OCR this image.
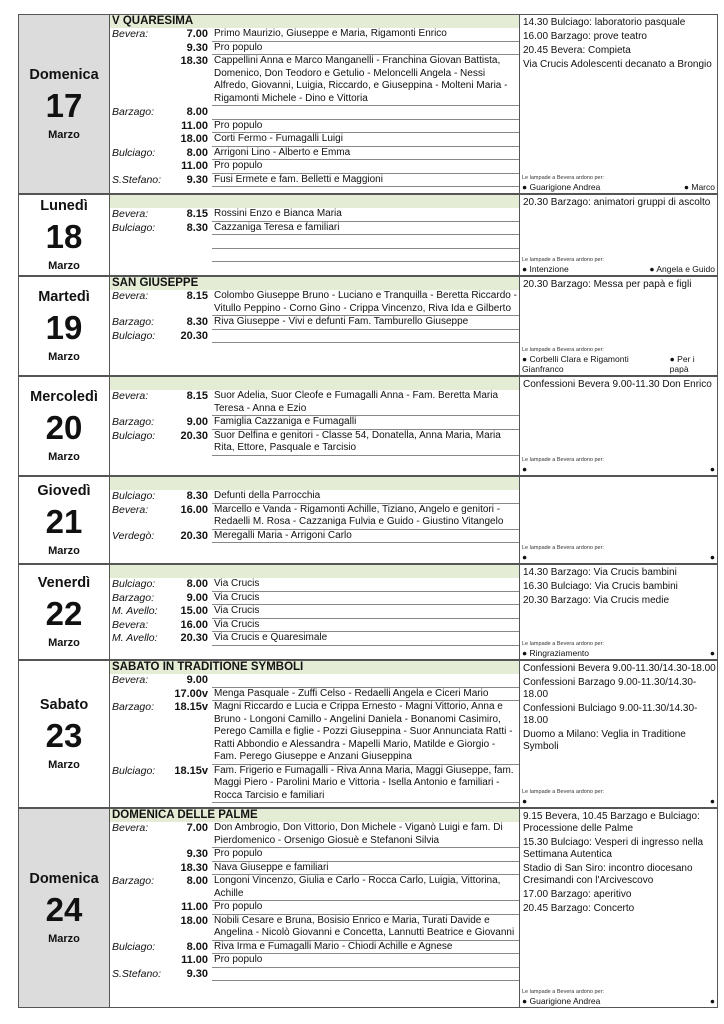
Domenica
17
Marzo
V QUARESIMA
Bevera:	7.00 Primo Maurizio, Giuseppe e Maria, Rigamonti Enrico
9.30 Pro populo
18.30 Cappellini Anna e Marco Manganelli - Franchina Giovan Battista, Domenico, Don Teodoro e Getulio - Meloncelli Angela - Nessi Alfredo, Giovanni, Luigia, Riccardo, e Giuseppina - Molteni Maria - Rigamonti Michele - Dino e Vittoria
Barzago:	8.00
11.00 Pro populo
18.00 Corti Fermo - Fumagalli Luigi
Bulciago:	8.00 Arrigoni Lino - Alberto e Emma
11.00 Pro populo
S.Stefano:	9.30 Fusi Ermete e fam. Belletti e Maggioni
14.30 Bulciago: laboratorio pasquale
16.00 Barzago: prove teatro
20.45 Bevera: Compieta
Via Crucis Adolescenti decanato a Brongio
Le lampade a Bevera ardono per:
● Guarigione Andrea	● Marco
Lunedì
18
Marzo
Bevera:	8.15 Rossini Enzo e Bianca Maria
Bulciago:	8.30 Cazzaniga Teresa e familiari
20.30 Barzago: animatori gruppi di ascolto
Le lampade a Bevera ardono per:
● Intenzione	● Angela e Guido
Martedì
19
Marzo
SAN GIUSEPPE
Bevera:	8.15 Colombo Giuseppe Bruno - Luciano e Tranquilla - Beretta Riccardo - Vitullo Peppino - Corno Gino - Crippa Vincenzo, Riva Ida e Gilberto
Barzago:	8.30 Riva Giuseppe - Vivi e defunti Fam. Tamburello Giuseppe
Bulciago:	20.30
20.30 Barzago: Messa per papà e figli
Le lampade a Bevera ardono per:
● Corbelli Clara e Rigamonti Gianfranco
● Per i papà
Mercoledì
20
Marzo
Bevera:	8.15 Suor Adelia, Suor Cleofe e Fumagalli Anna - Fam. Beretta Maria Teresa - Anna e Ezio
Barzago:	9.00 Famiglia Cazzaniga e Fumagalli
Bulciago:	20.30 Suor Delfina e genitori - Classe 54, Donatella, Anna Maria, Maria Rita, Ettore, Pasquale e Tarcisio
Confessioni Bevera 9.00-11.30 Don Enrico
Le lampade a Bevera ardono per:
●	●
Giovedì
21
Marzo
Bulciago:	8.30 Defunti della Parrocchia
Bevera:	16.00 Marcello e Vanda - Rigamonti Achille, Tiziano, Angelo e genitori - Redaelli M. Rosa - Cazzaniga Fulvia e Guido - Giustino Vitangelo
Verdegò:	20.30 Meregalli Maria - Arrigoni Carlo
Le lampade a Bevera ardono per:
●	●
Venerdì
22
Marzo
Bulciago:	8.00 Via Crucis
Barzago:	9.00 Via Crucis
M. Avello:	15.00 Via Crucis
Bevera:	16.00 Via Crucis
M. Avello:	20.30 Via Crucis e Quaresimale
14.30 Barzago: Via Crucis bambini
16.30 Bulciago: Via Crucis bambini
20.30 Barzago: Via Crucis medie
Le lampade a Bevera ardono per:
● Ringraziamento	●
Sabato
23
Marzo
SABATO IN TRADITIONE SYMBOLI
Bevera:	9.00
17.00v Menga Pasquale - Zuffi Celso - Redaelli Angela e Ciceri Mario
Barzago:	18.15v Magni Riccardo e Lucia e Crippa Ernesto - Magni Vittorio, Anna e Bruno - Longoni Camillo - Angelini Daniela - Bonanomi Casimiro, Perego Camilla e figlie - Pozzi Giuseppina - Suor Annunciata Ratti - Ratti Abbondio e Alessandra - Mapelli Mario, Matilde e Giorgio - Fam. Perego Giuseppe e Anzani Giuseppina
Bulciago:	18.15v Fam. Frigerio e Fumagalli - Riva Anna Maria, Maggi Giuseppe, fam. Maggi Piero - Parolini Mario e Vittoria - Isella Antonio e familiari - Rocca Tarcisio e familiari
Confessioni Bevera 9.00-11.30/14.30-18.00
Confessioni Barzago 9.00-11.30/14.30-18.00
Confessioni Bulciago 9.00-11.30/14.30-18.00
Duomo a Milano: Veglia in Traditione Symboli
Le lampade a Bevera ardono per:
●	●
Domenica
24
Marzo
DOMENICA DELLE PALME
Bevera:	7.00 Don Ambrogio, Don Vittorio, Don Michele - Viganò Luigi e fam. Di Pierdomenico - Orsenigo Giosuè e Stefanoni Silvia
9.30 Pro populo
18.30 Nava Giuseppe e familiari
Barzago:	8.00 Longoni Vincenzo, Giulia e Carlo - Rocca Carlo, Luigia, Vittorina, Achille
11.00 Pro populo
18.00 Nobili Cesare e Bruna, Bosisio Enrico e Maria, Turati Davide e Angelina - Nicolò Giovanni e Concetta, Lannutti Beatrice e Giovanni
Bulciago:	8.00 Riva Irma e Fumagalli Mario - Chiodi Achille e Agnese
11.00 Pro populo
S.Stefano:	9.30
9.15 Bevera, 10.45 Barzago e Bulciago: Processione delle Palme
15.30 Bulciago: Vesperi di ingresso nella Settimana Autentica
Stadio di San Siro: incontro diocesano Cresimandi con l'Arcivescovo
17.00 Barzago: aperitivo
20.45 Barzago: Concerto
Le lampade a Bevera ardono per:
● Guarigione Andrea	●
